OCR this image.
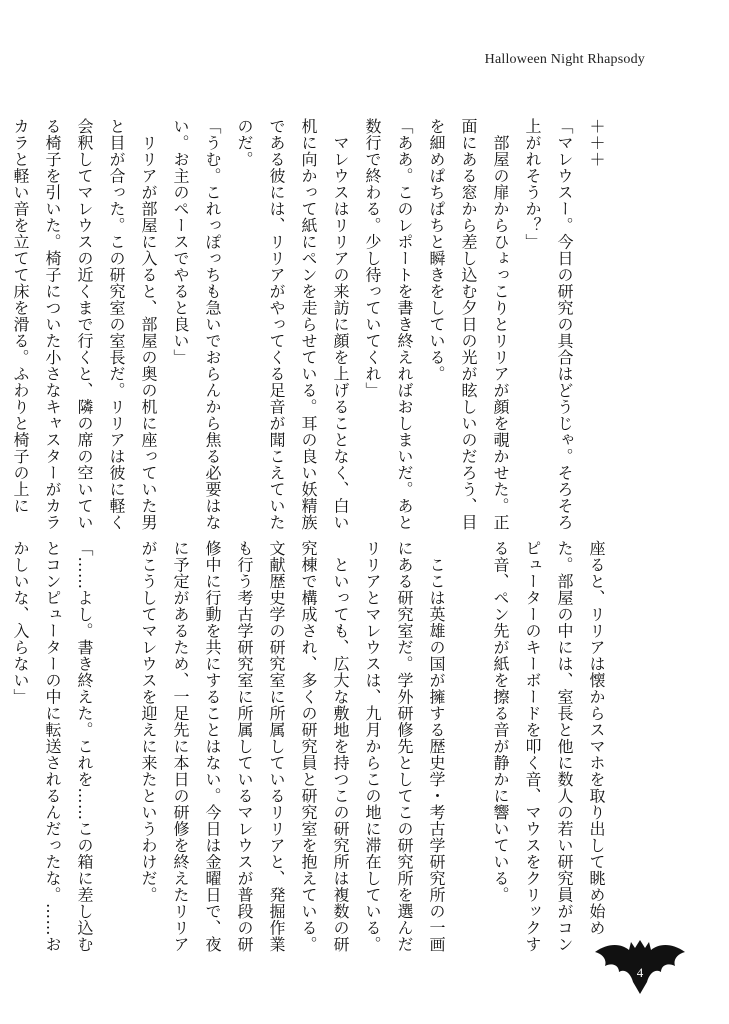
Halloween Night Rhapsody
＋＋＋
「マレウスー。今日の研究の具合はどうじゃ。そろそろ
上がれそうか？」
　部屋の扉からひょっこりとリリアが顔を覗かせた。正
面にある窓から差し込む夕日の光が眩しいのだろう、目
を細めぱちぱちと瞬きをしている。
「ああ。このレポートを書き終えればおしまいだ。あと
数行で終わる。少し待っていてくれ」
　マレウスはリリアの来訪に顔を上げることなく、白い
机に向かって紙にペンを走らせている。耳の良い妖精族
である彼には、リリアがやってくる足音が聞こえていた
のだ。
「うむ。これっぽっちも急いでおらんから焦る必要はな
い。お主のペースでやると良い」
　リリアが部屋に入ると、部屋の奥の机に座っていた男
と目が合った。この研究室の室長だ。リリアは彼に軽く
会釈してマレウスの近くまで行くと、隣の席の空いてい
る椅子を引いた。椅子についた小さなキャスターがカラ
カラと軽い音を立てて床を滑る。ふわりと椅子の上に
座ると、リリアは懐からスマホを取り出して眺め始め
た。部屋の中には、室長と他に数人の若い研究員がコン
ピューターのキーボードを叩く音、マウスをクリックす
る音、ペン先が紙を擦る音が静かに響いている。

　ここは英雄の国が擁する歴史学・考古学研究所の一画
にある研究室だ。学外研修先としてこの研究所を選んだ
リリアとマレウスは、九月からこの地に滞在している。
　といっても、広大な敷地を持つこの研究所は複数の研
究棟で構成され、多くの研究員と研究室を抱えている。
文献歴史学の研究室に所属しているリリアと、発掘作業
も行う考古学研究室に所属しているマレウスが普段の研
修中に行動を共にすることはない。今日は金曜日で、夜
に予定があるため、一足先に本日の研修を終えたリリア
がこうしてマレウスを迎えに来たというわけだ。

「……よし。書き終えた。これを……この箱に差し込む
とコンピューターの中に転送されるんだったな。……お
かしいな、入らない」
4
